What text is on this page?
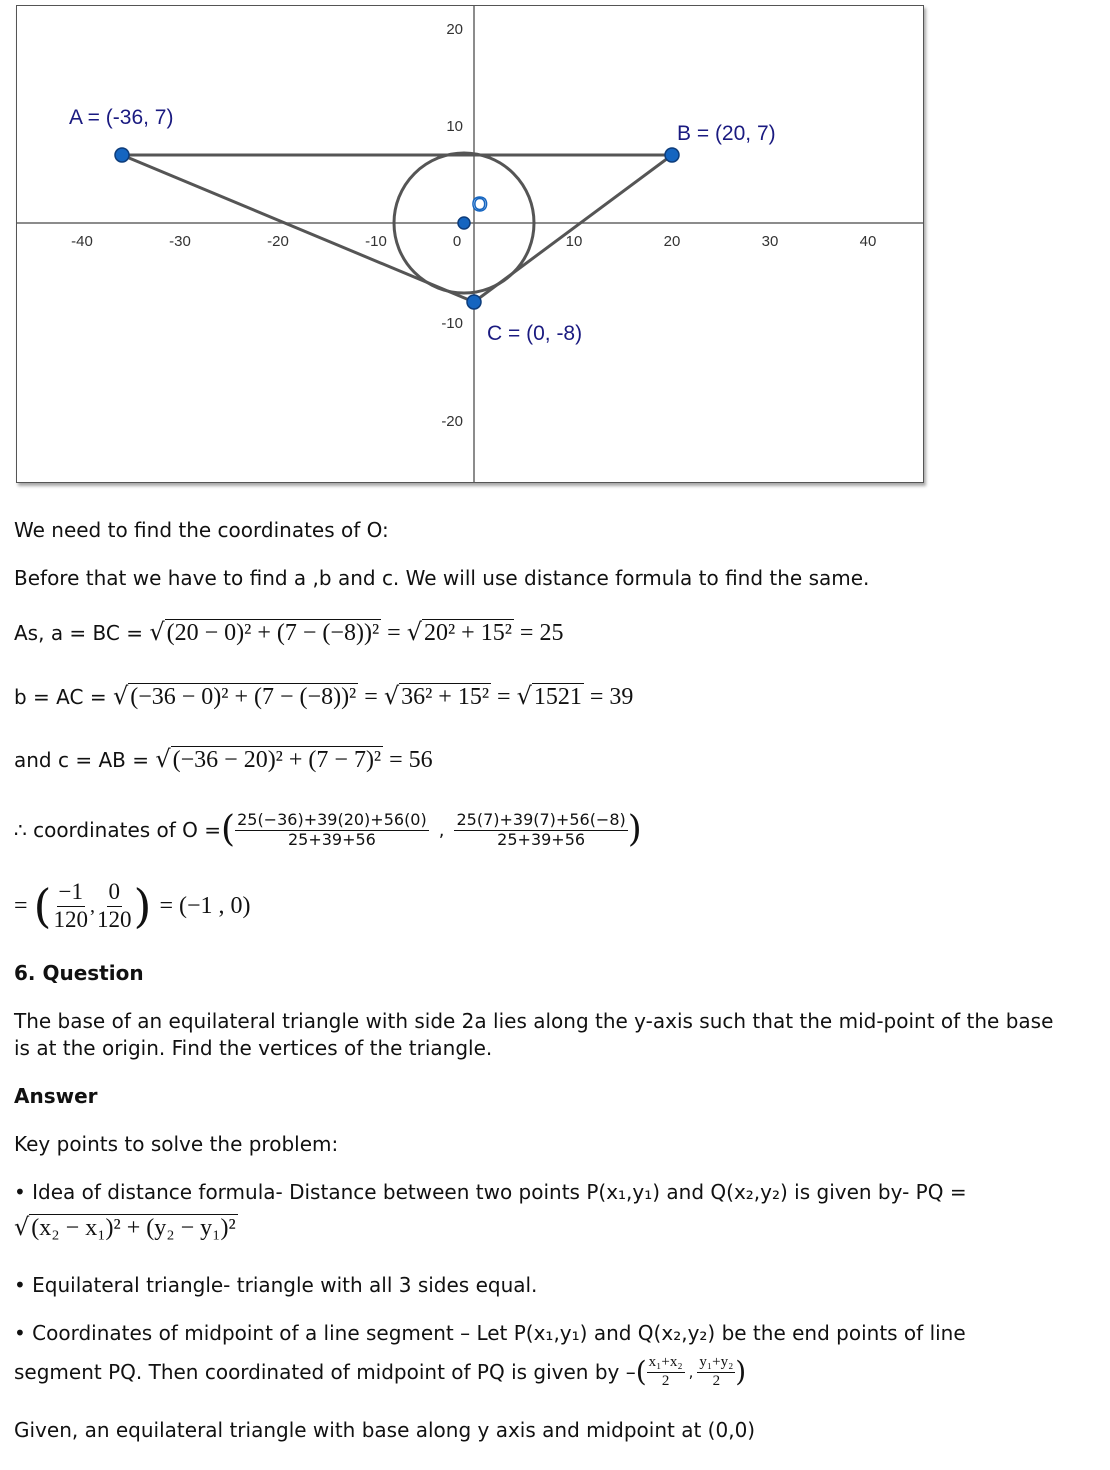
A = (-36, 7)
B = (20, 7)
C = (0, -8)
O
-40	-30	-20	-10	0	10	20	30	40
20
10
-10
-20
We need to find the coordinates of O:
Before that we have to find a ,b and c. We will use distance formula to find the same.
As, a = BC = √(20 − 0)² + (7 − (−8))² = √20² + 15² = 25
b = AC = √(−36 − 0)² + (7 − (−8))² = √36² + 15² = √1521 = 39
and c = AB = √(−36 − 20)² + (7 − 7)² = 56
∴ coordinates of O = ( $\frac{25(-36)+39(20)+56(0)}{25+39+56}$ , $\frac{25(7)+39(7)+56(-8)}{25+39+56}$ )
= ( $\frac{-1}{120}$ , $\frac{0}{120}$ ) = (−1 , 0)
6. Question
The base of an equilateral triangle with side 2a lies along the y-axis such that the mid-point of the base is at the origin. Find the vertices of the triangle.
Answer
Key points to solve the problem:
• Idea of distance formula- Distance between two points P(x₁,y₁) and Q(x₂,y₂) is given by- PQ =
√(x₂ − x₁)² + (y₂ − y₁)²
• Equilateral triangle- triangle with all 3 sides equal.
• Coordinates of midpoint of a line segment – Let P(x₁,y₁) and Q(x₂,y₂) be the end points of line
segment PQ. Then coordinated of midpoint of PQ is given by – ( $\frac{\text{x₁+x₂}}{2}$ , $\frac{\text{y₁+y₂}}{2}$ )
Given, an equilateral triangle with base along y axis and midpoint at (0,0)
